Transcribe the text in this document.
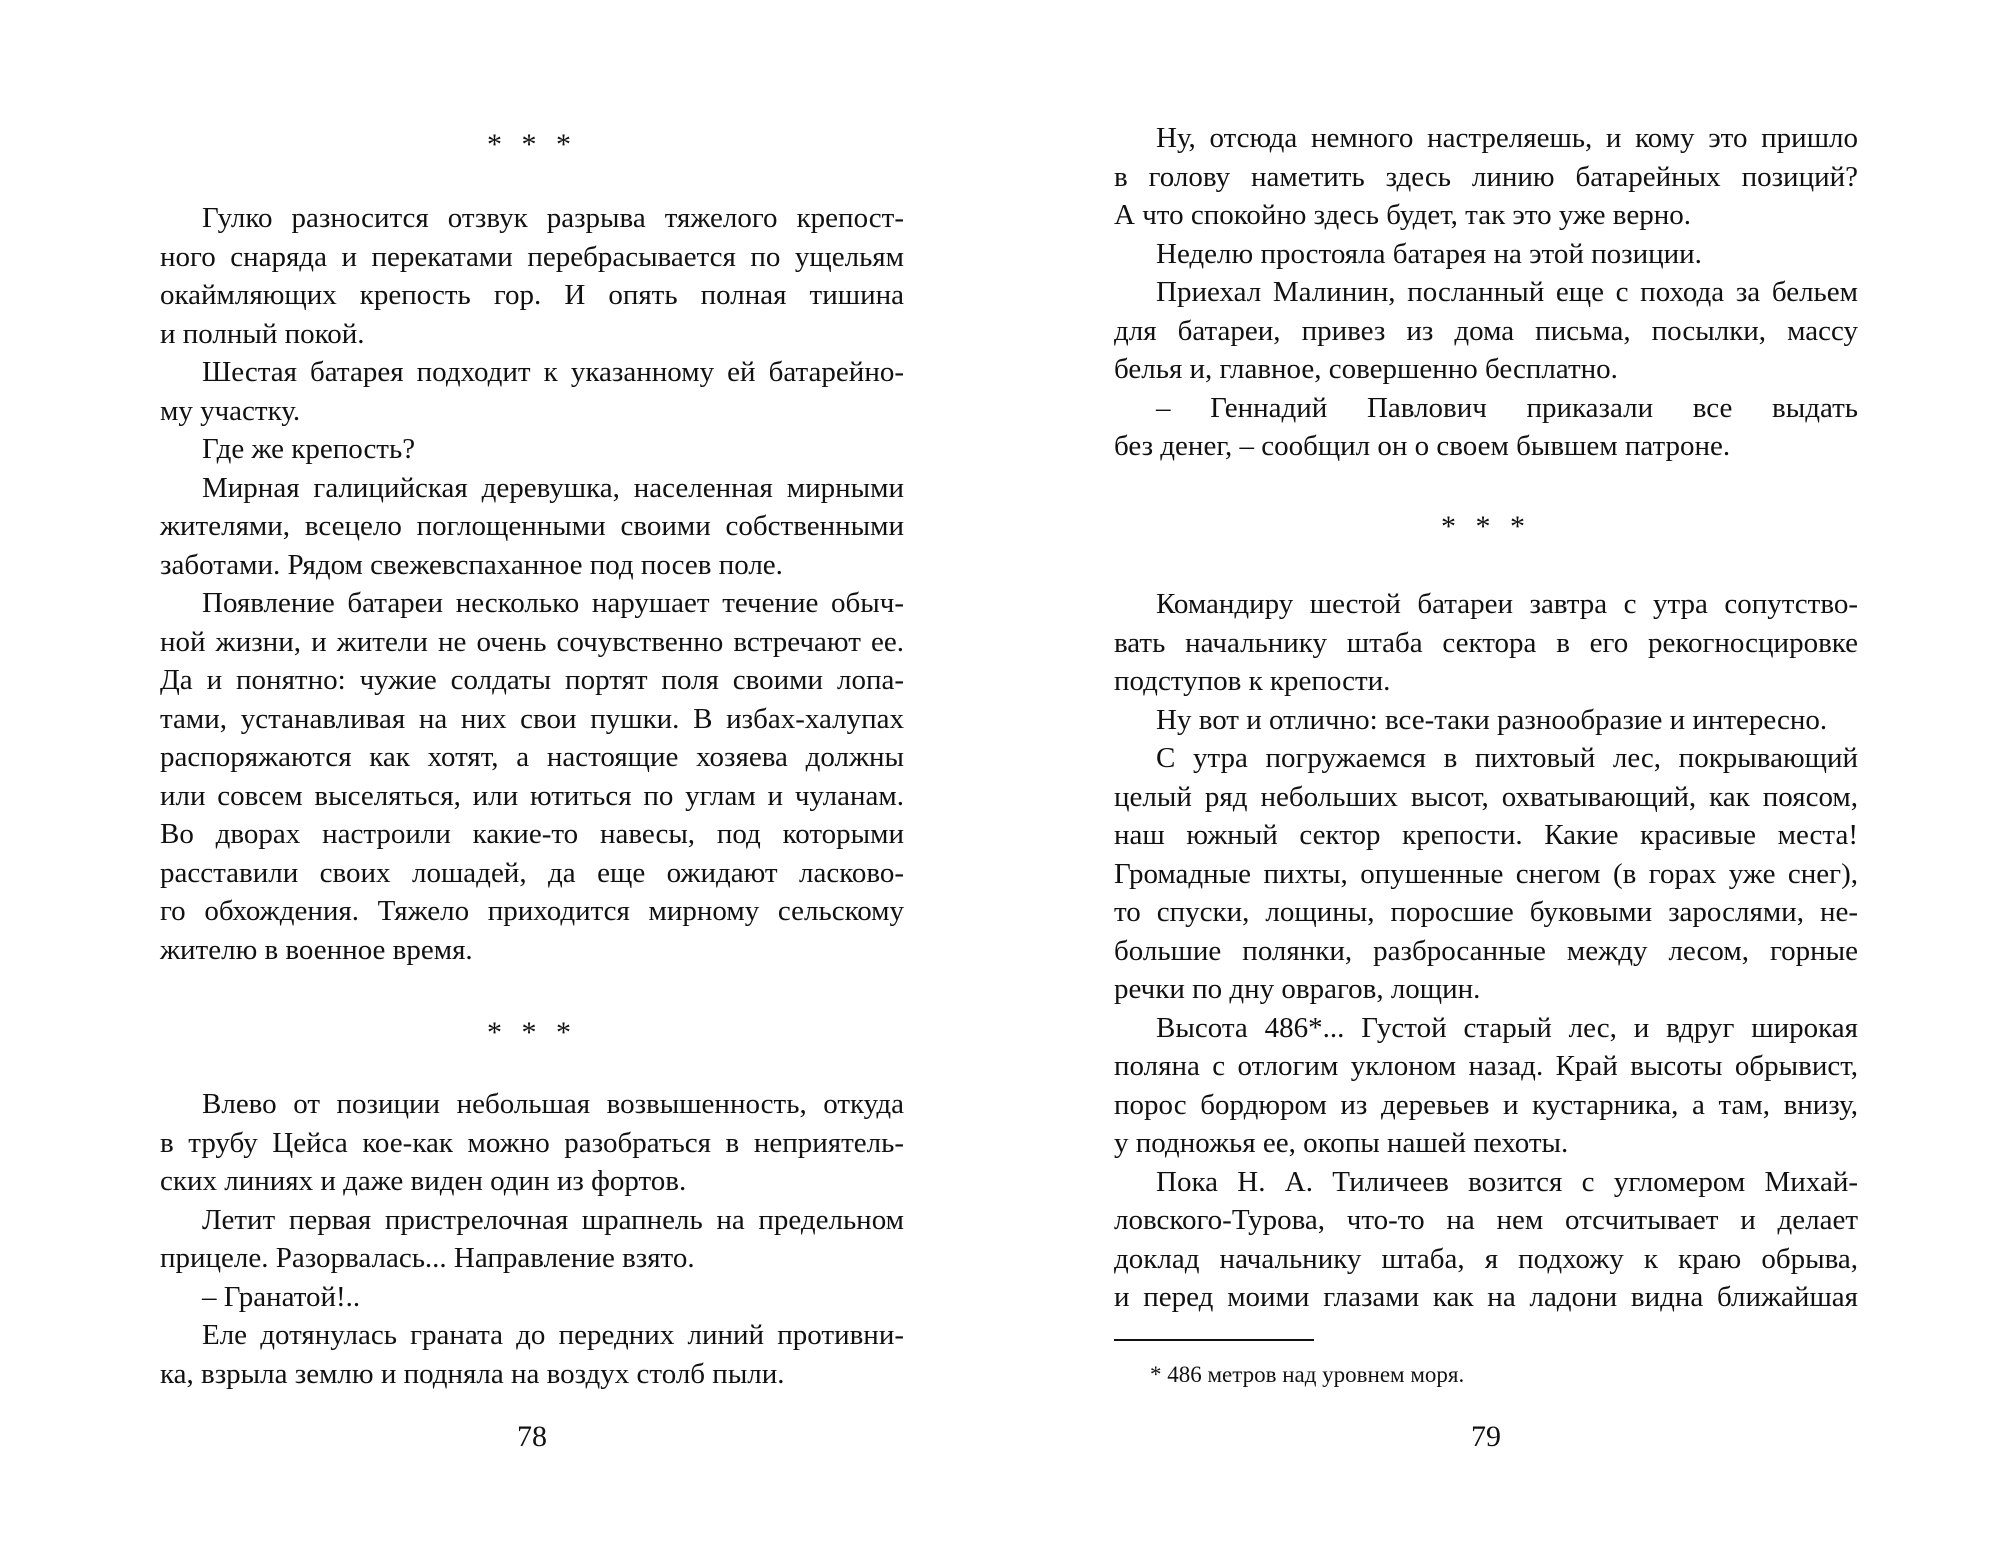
* * *
Гулко разносится отзвук разрыва тяжелого крепост-
ного снаряда и перекатами перебрасывается по ущельям
окаймляющих крепость гор. И опять полная тишина
и полный покой.
Шестая батарея подходит к указанному ей батарейно-
му участку.
Где же крепость?
Мирная галицийская деревушка, населенная мирными
жителями, всецело поглощенными своими собственными
заботами. Рядом свежевспаханное под посев поле.
Появление батареи несколько нарушает течение обыч-
ной жизни, и жители не очень сочувственно встречают ее.
Да и понятно: чужие солдаты портят поля своими лопа-
тами, устанавливая на них свои пушки. В избах-халупах
распоряжаются как хотят, а настоящие хозяева должны
или совсем выселяться, или ютиться по углам и чуланам.
Во дворах настроили какие-то навесы, под которыми
расставили своих лошадей, да еще ожидают ласково-
го обхождения. Тяжело приходится мирному сельскому
жителю в военное время.
* * *
Влево от позиции небольшая возвышенность, откуда
в трубу Цейса кое-как можно разобраться в неприятель-
ских линиях и даже виден один из фортов.
Летит первая пристрелочная шрапнель на предельном
прицеле. Разорвалась... Направление взято.
– Гранатой!..
Еле дотянулась граната до передних линий противни-
ка, взрыла землю и подняла на воздух столб пыли.
78
Ну, отсюда немного настреляешь, и кому это пришло
в голову наметить здесь линию батарейных позиций?
А что спокойно здесь будет, так это уже верно.
Неделю простояла батарея на этой позиции.
Приехал Малинин, посланный еще с похода за бельем
для батареи, привез из дома письма, посылки, массу
белья и, главное, совершенно бесплатно.
– Геннадий Павлович приказали все выдать
без денег, – сообщил он о своем бывшем патроне.
* * *
Командиру шестой батареи завтра с утра сопутство-
вать начальнику штаба сектора в его рекогносцировке
подступов к крепости.
Ну вот и отлично: все-таки разнообразие и интересно.
С утра погружаемся в пихтовый лес, покрывающий
целый ряд небольших высот, охватывающий, как поясом,
наш южный сектор крепости. Какие красивые места!
Громадные пихты, опушенные снегом (в горах уже снег),
то спуски, лощины, поросшие буковыми зарослями, не-
большие полянки, разбросанные между лесом, горные
речки по дну оврагов, лощин.
Высота 486*... Густой старый лес, и вдруг широкая
поляна с отлогим уклоном назад. Край высоты обрывист,
порос бордюром из деревьев и кустарника, а там, внизу,
у подножья ее, окопы нашей пехоты.
Пока Н. А. Тиличеев возится с угломером Михай-
ловского-Турова, что-то на нем отсчитывает и делает
доклад начальнику штаба, я подхожу к краю обрыва,
и перед моими глазами как на ладони видна ближайшая
* 486 метров над уровнем моря.
79
